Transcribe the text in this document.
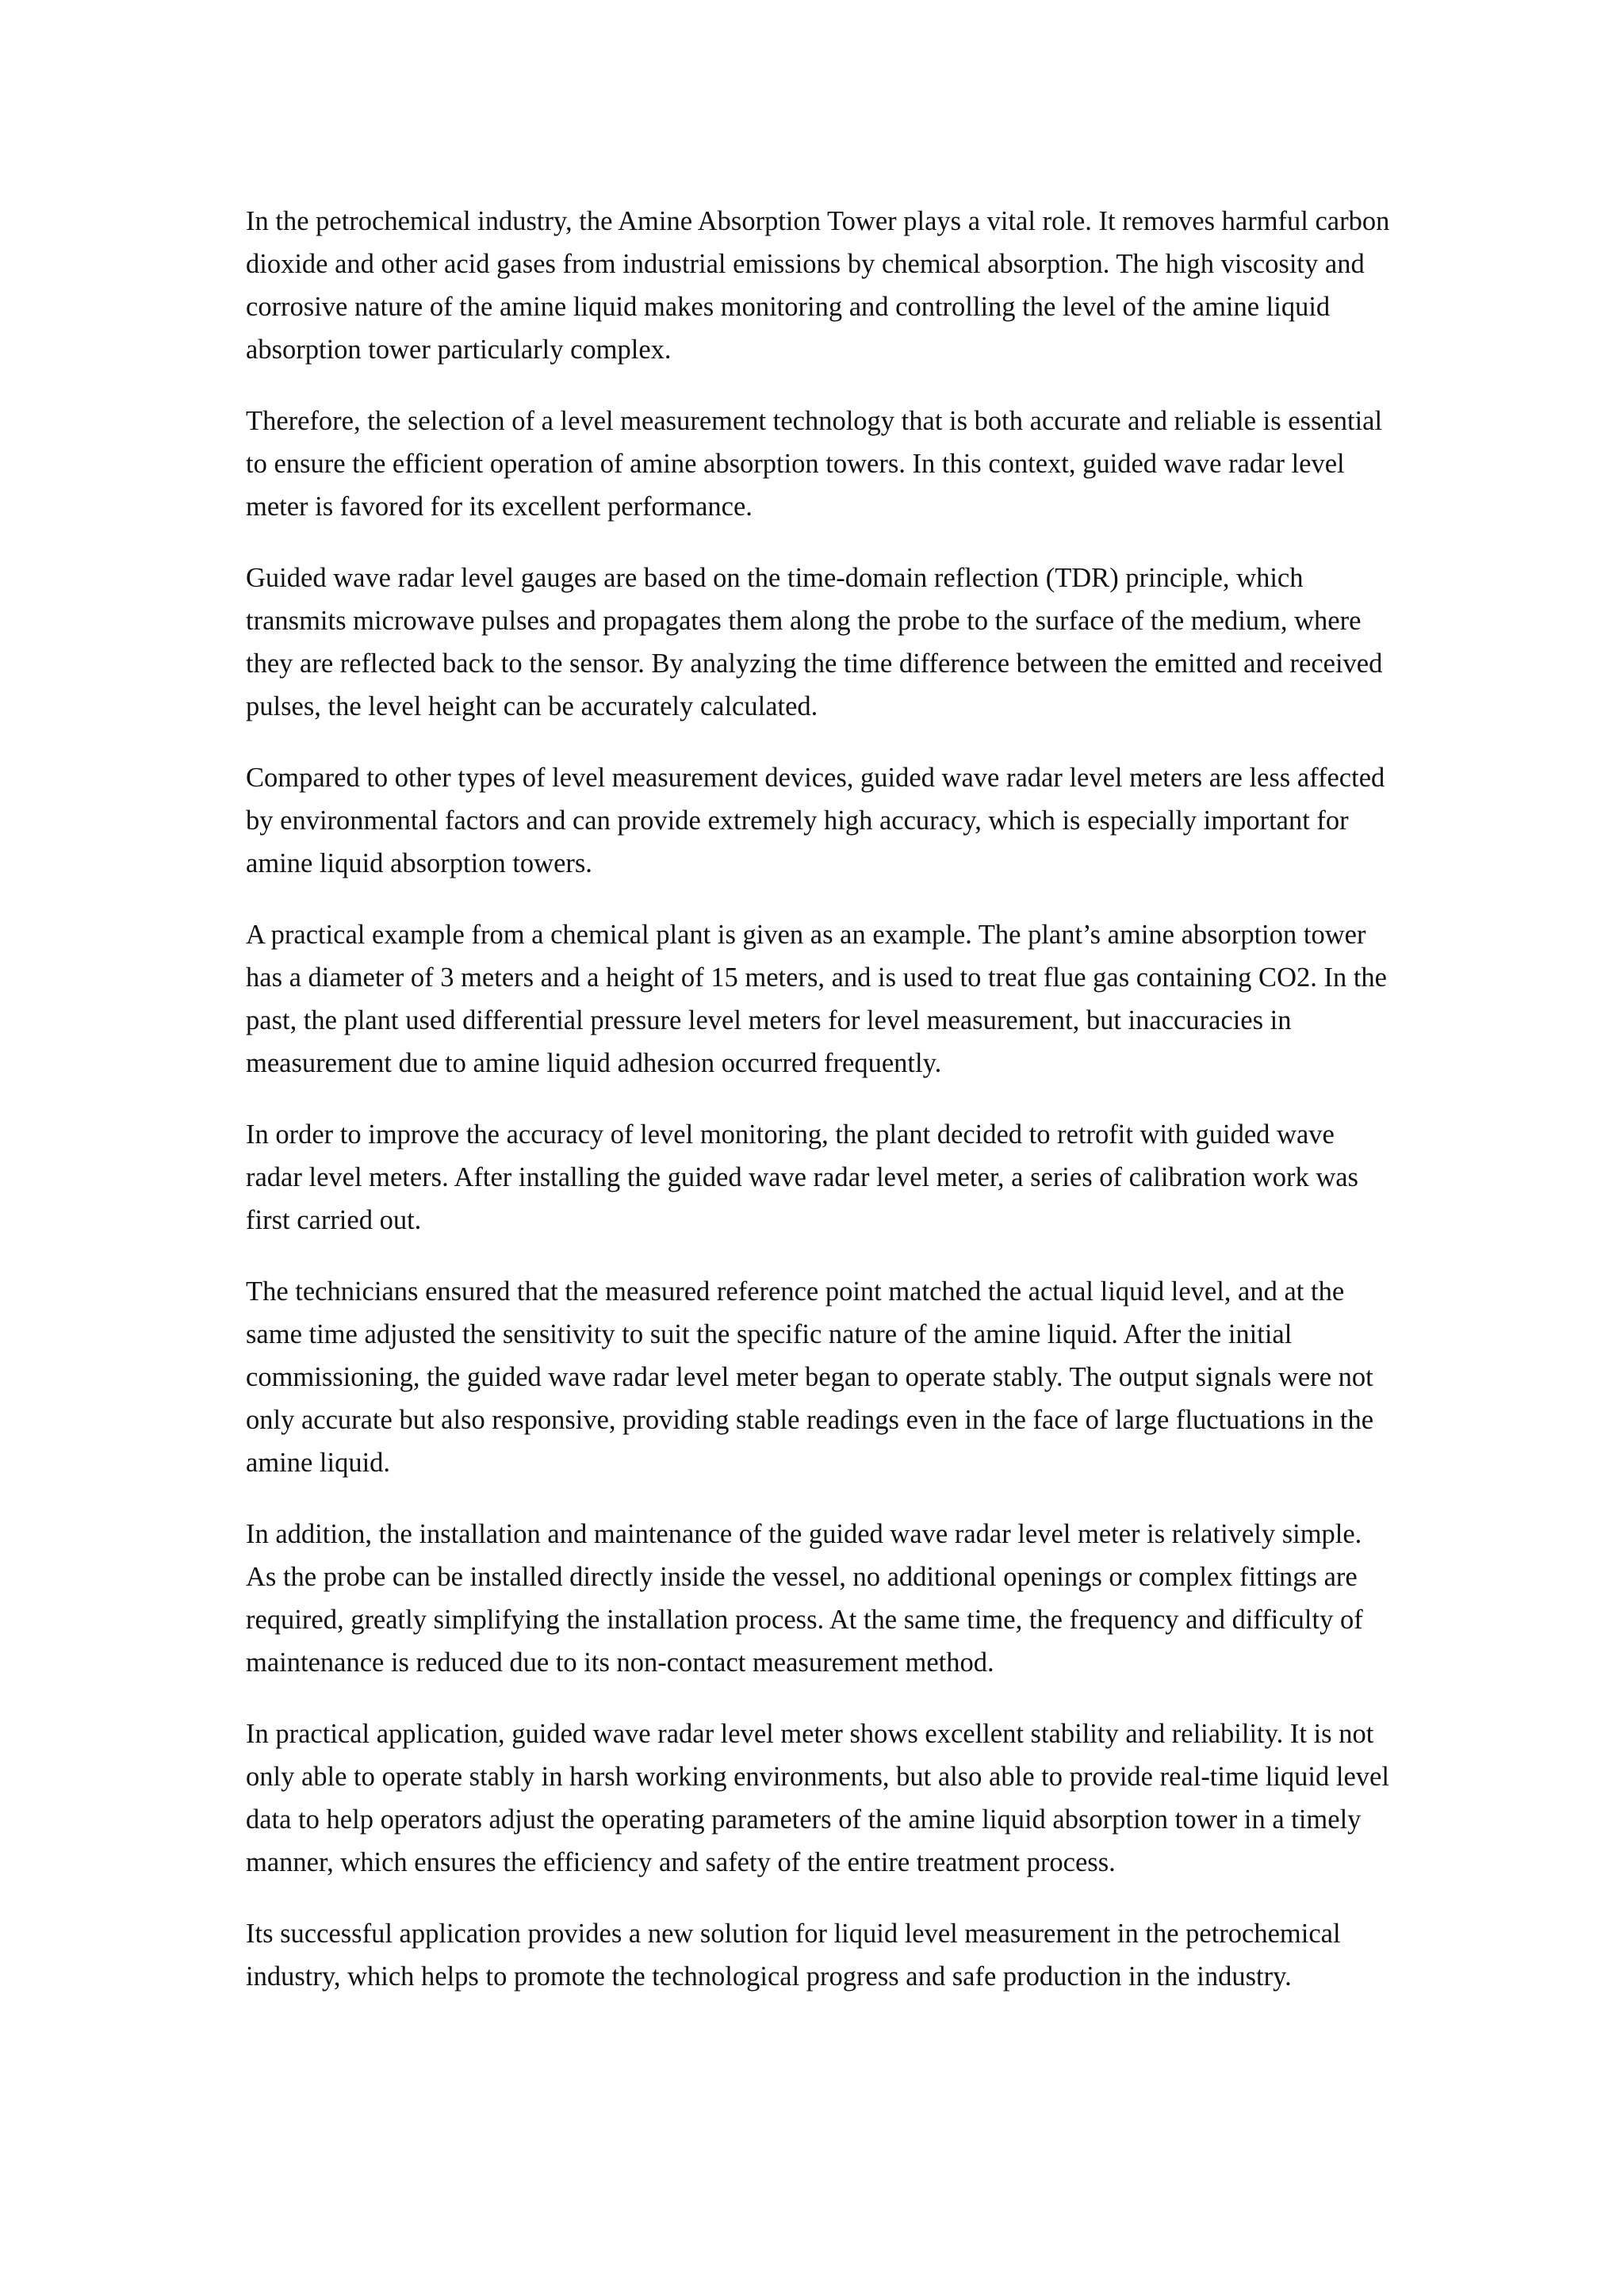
In the petrochemical industry, the Amine Absorption Tower plays a vital role. It removes harmful carbon dioxide and other acid gases from industrial emissions by chemical absorption. The high viscosity and corrosive nature of the amine liquid makes monitoring and controlling the level of the amine liquid absorption tower particularly complex.

Therefore, the selection of a level measurement technology that is both accurate and reliable is essential to ensure the efficient operation of amine absorption towers. In this context, guided wave radar level meter is favored for its excellent performance.

Guided wave radar level gauges are based on the time-domain reflection (TDR) principle, which transmits microwave pulses and propagates them along the probe to the surface of the medium, where they are reflected back to the sensor. By analyzing the time difference between the emitted and received pulses, the level height can be accurately calculated.

Compared to other types of level measurement devices, guided wave radar level meters are less affected by environmental factors and can provide extremely high accuracy, which is especially important for amine liquid absorption towers.

A practical example from a chemical plant is given as an example. The plant’s amine absorption tower has a diameter of 3 meters and a height of 15 meters, and is used to treat flue gas containing CO2. In the past, the plant used differential pressure level meters for level measurement, but inaccuracies in measurement due to amine liquid adhesion occurred frequently.

In order to improve the accuracy of level monitoring, the plant decided to retrofit with guided wave radar level meters. After installing the guided wave radar level meter, a series of calibration work was first carried out.

The technicians ensured that the measured reference point matched the actual liquid level, and at the same time adjusted the sensitivity to suit the specific nature of the amine liquid. After the initial commissioning, the guided wave radar level meter began to operate stably. The output signals were not only accurate but also responsive, providing stable readings even in the face of large fluctuations in the amine liquid.

In addition, the installation and maintenance of the guided wave radar level meter is relatively simple. As the probe can be installed directly inside the vessel, no additional openings or complex fittings are required, greatly simplifying the installation process. At the same time, the frequency and difficulty of maintenance is reduced due to its non-contact measurement method.

In practical application, guided wave radar level meter shows excellent stability and reliability. It is not only able to operate stably in harsh working environments, but also able to provide real-time liquid level data to help operators adjust the operating parameters of the amine liquid absorption tower in a timely manner, which ensures the efficiency and safety of the entire treatment process.

Its successful application provides a new solution for liquid level measurement in the petrochemical industry, which helps to promote the technological progress and safe production in the industry.
